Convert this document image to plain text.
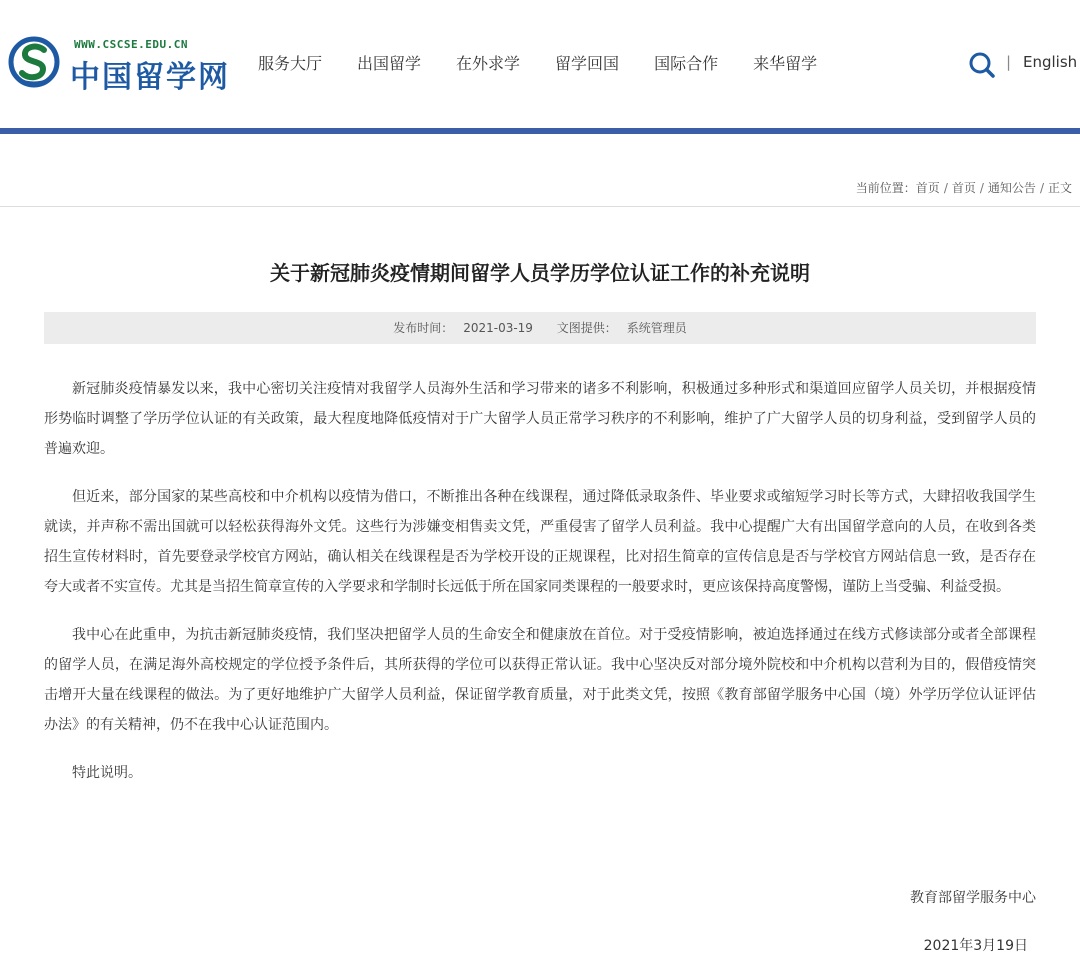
WWW.CSCSE.EDU.CN
中国留学网 服务大厅 出国留学 在外求学 留学回国 国际合作 来华留学	| English
当前位置：首页 / 首页 / 通知公告 / 正文
关于新冠肺炎疫情期间留学人员学历学位认证工作的补充说明
发布时间： 2021-03-19 文图提供： 系统管理员

新冠肺炎疫情暴发以来，我中心密切关注疫情对我留学人员海外生活和学习带来的诸多不利影响，积极通过多种形式和渠道回应留学人员关切，并根据疫情形势临时调整了学历学位认证的有关政策，最大程度地降低疫情对于广大留学人员正常学习秩序的不利影响，维护了广大留学人员的切身利益，受到留学人员的普遍欢迎。

但近来，部分国家的某些高校和中介机构以疫情为借口，不断推出各种在线课程，通过降低录取条件、毕业要求或缩短学习时长等方式，大肆招收我国学生就读，并声称不需出国就可以轻松获得海外文凭。这些行为涉嫌变相售卖文凭，严重侵害了留学人员利益。我中心提醒广大有出国留学意向的人员，在收到各类招生宣传材料时，首先要登录学校官方网站，确认相关在线课程是否为学校开设的正规课程，比对招生简章的宣传信息是否与学校官方网站信息一致，是否存在夸大或者不实宣传。尤其是当招生简章宣传的入学要求和学制时长远低于所在国家同类课程的一般要求时，更应该保持高度警惕，谨防上当受骗、利益受损。

我中心在此重申，为抗击新冠肺炎疫情，我们坚决把留学人员的生命安全和健康放在首位。对于受疫情影响，被迫选择通过在线方式修读部分或者全部课程的留学人员，在满足海外高校规定的学位授予条件后，其所获得的学位可以获得正常认证。我中心坚决反对部分境外院校和中介机构以营利为目的，假借疫情突击增开大量在线课程的做法。为了更好地维护广大留学人员利益，保证留学教育质量，对于此类文凭，按照《教育部留学服务中心国（境）外学历学位认证评估办法》的有关精神，仍不在我中心认证范围内。

特此说明。

教育部留学服务中心
2021年3月19日
